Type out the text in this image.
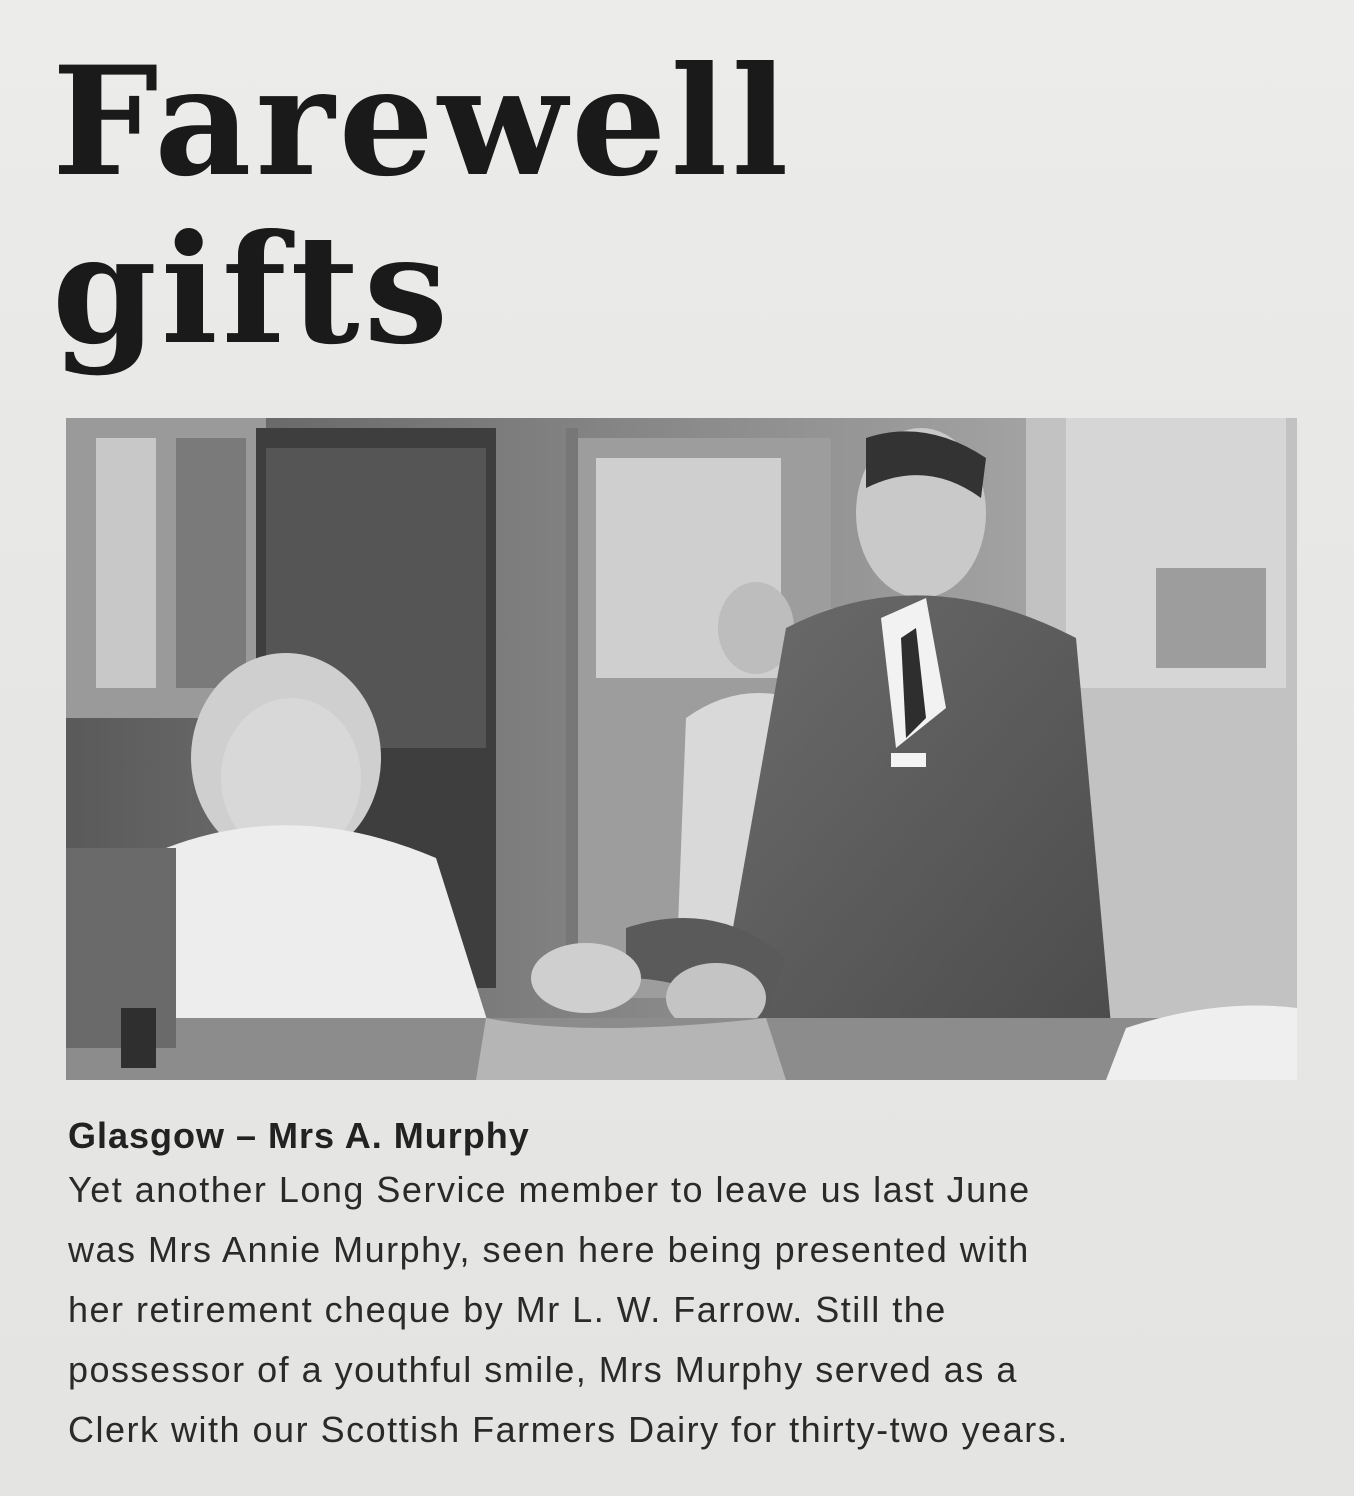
Farewell
gifts
Glasgow – Mrs A. Murphy

Yet another Long Service member to leave us last June
was Mrs Annie Murphy, seen here being presented with
her retirement cheque by Mr L. W. Farrow. Still the
possessor of a youthful smile, Mrs Murphy served as a
Clerk with our Scottish Farmers Dairy for thirty-two years.
